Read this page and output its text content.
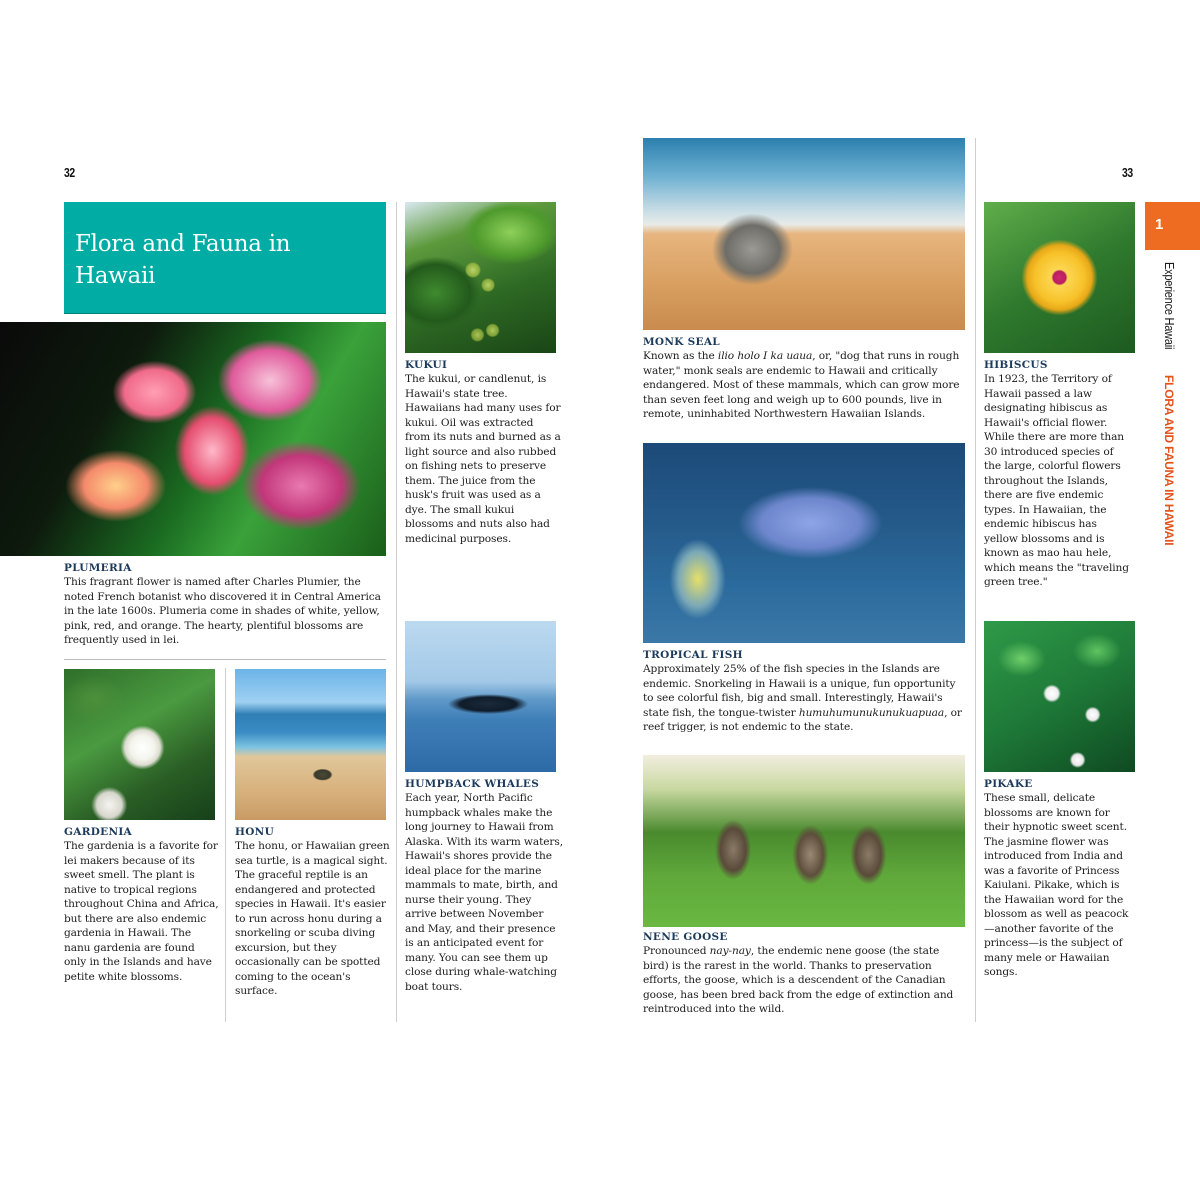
32
Flora and Fauna in
Hawaii
PLUMERIA

This fragrant flower is named after Charles Plumier, the noted French botanist who discovered it in Central America in the late 1600s. Plumeria come in shades of white, yellow, pink, red, and orange. The hearty, plentiful blossoms are frequently used in lei.

KUKUI

The kukui, or candlenut, is Hawaii's state tree. Hawaiians had many uses for kukui. Oil was extracted from its nuts and burned as a light source and also rubbed on fishing nets to preserve them. The juice from the husk's fruit was used as a dye. The small kukui blossoms and nuts also had medicinal purposes.

GARDENIA

The gardenia is a favorite for lei makers because of its sweet smell. The plant is native to tropical regions throughout China and Africa, but there are also endemic gardenia in Hawaii. The nanu gardenia are found only in the Islands and have petite white blossoms.

HONU

The honu, or Hawaiian green sea turtle, is a magical sight. The graceful reptile is an endangered and protected species in Hawaii. It's easier to run across honu during a snorkeling or scuba diving excursion, but they occasionally can be spotted coming to the ocean's surface.

HUMPBACK WHALES

Each year, North Pacific humpback whales make the long journey to Hawaii from Alaska. With its warm waters, Hawaii's shores provide the ideal place for the marine mammals to mate, birth, and nurse their young. They arrive between November and May, and their presence is an anticipated event for many. You can see them up close during whale-watching boat tours.

33
MONK SEAL

Known as the ilio holo I ka uaua, or, "dog that runs in rough water," monk seals are endemic to Hawaii and critically endangered. Most of these mammals, which can grow more than seven feet long and weigh up to 600 pounds, live in remote, uninhabited Northwestern Hawaiian Islands.

TROPICAL FISH

Approximately 25% of the fish species in the Islands are endemic. Snorkeling in Hawaii is a unique, fun opportunity to see colorful fish, big and small. Interestingly, Hawaii's state fish, the tongue-twister humuhumunukunukuapuaa, or reef trigger, is not endemic to the state.

NENE GOOSE

Pronounced nay-nay, the endemic nene goose (the state bird) is the rarest in the world. Thanks to preservation efforts, the goose, which is a descendent of the Canadian goose, has been bred back from the edge of extinction and reintroduced into the wild.

HIBISCUS

In 1923, the Territory of Hawaii passed a law designating hibiscus as Hawaii's official flower. While there are more than 30 introduced species of the large, colorful flowers throughout the Islands, there are five endemic types. In Hawaiian, the endemic hibiscus has yellow blossoms and is known as mao hau hele, which means the "traveling green tree."

PIKAKE

These small, delicate blossoms are known for their hypnotic sweet scent. The jasmine flower was introduced from India and was a favorite of Princess Kaiulani. Pikake, which is the Hawaiian word for the blossom as well as peacock—another favorite of the princess—is the subject of many mele or Hawaiian songs.

1
Experience Hawaii FLORA AND FAUNA IN HAWAII
